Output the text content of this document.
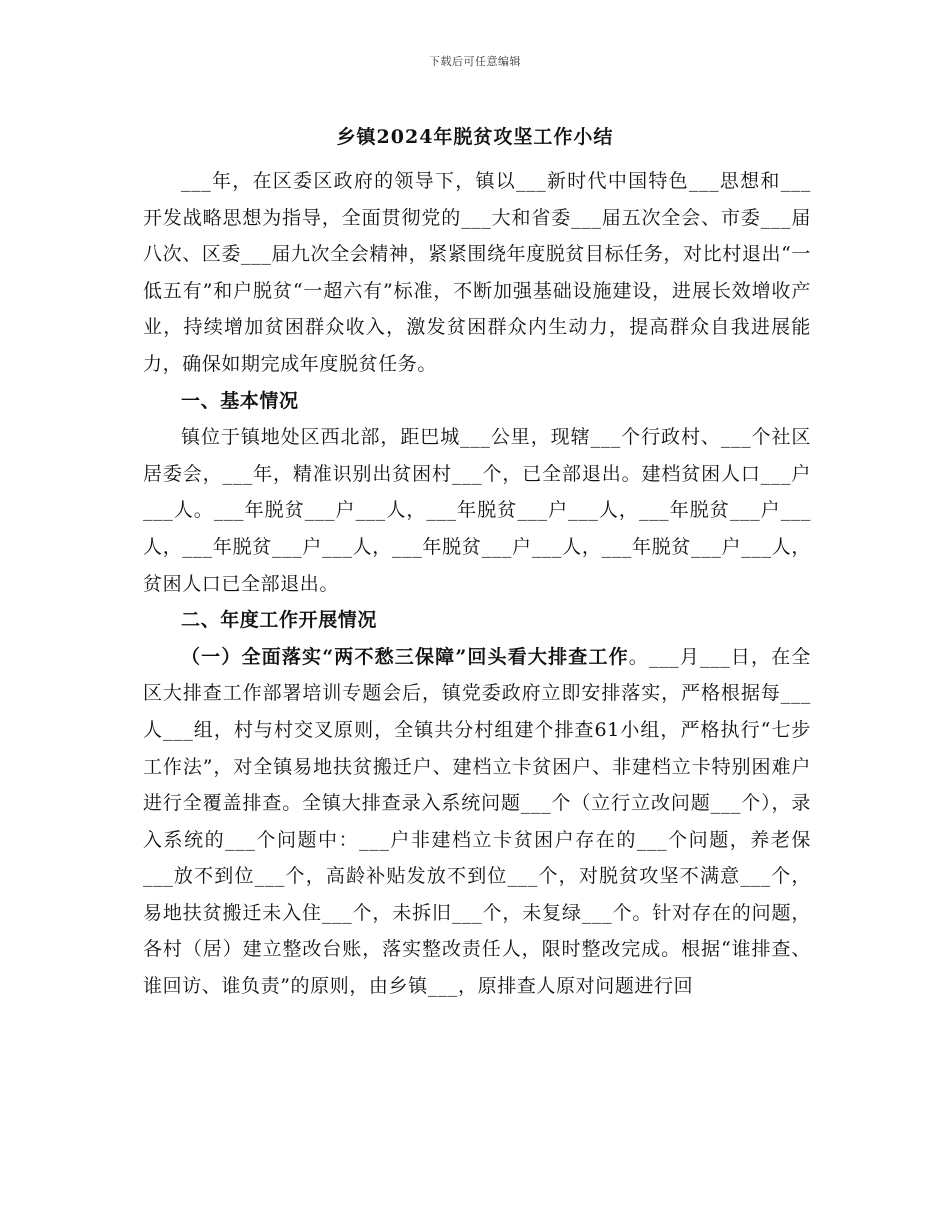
下载后可任意编辑
乡镇2024年脱贫攻坚工作小结

___年，在区委区政府的领导下，镇以___新时代中国特色___思想和___开发战略思想为指导，全面贯彻党的___大和省委___届五次全会、市委___届八次、区委___届九次全会精神，紧紧围绕年度脱贫目标任务，对比村退出“一低五有”和户脱贫“一超六有”标准，不断加强基础设施建设，进展长效增收产业，持续增加贫困群众收入，激发贫困群众内生动力，提高群众自我进展能力，确保如期完成年度脱贫任务。

一、基本情况

镇位于镇地处区西北部，距巴城___公里，现辖___个行政村、___个社区居委会，___年，精准识别出贫困村___个，已全部退出。建档贫困人口___户___人。___年脱贫___户___人，___年脱贫___户___人，___年脱贫___户___人，___年脱贫___户___人，___年脱贫___户___人，___年脱贫___户___人，贫困人口已全部退出。

二、年度工作开展情况

（一）全面落实“两不愁三保障”回头看大排查工作。___月___日，在全区大排查工作部署培训专题会后，镇党委政府立即安排落实，严格根据每___人___组，村与村交叉原则，全镇共分村组建个排查61小组，严格执行“七步工作法”，对全镇易地扶贫搬迁户、建档立卡贫困户、非建档立卡特别困难户进行全覆盖排查。全镇大排查录入系统问题___个（立行立改问题___个），录入系统的___个问题中：___户非建档立卡贫困户存在的___个问题，养老保___放不到位___个，高龄补贴发放不到位___个，对脱贫攻坚不满意___个，易地扶贫搬迁未入住___个，未拆旧___个，未复绿___个。针对存在的问题，各村（居）建立整改台账，落实整改责任人，限时整改完成。根据“谁排查、谁回访、谁负责”的原则，由乡镇___，原排查人原对问题进行回
